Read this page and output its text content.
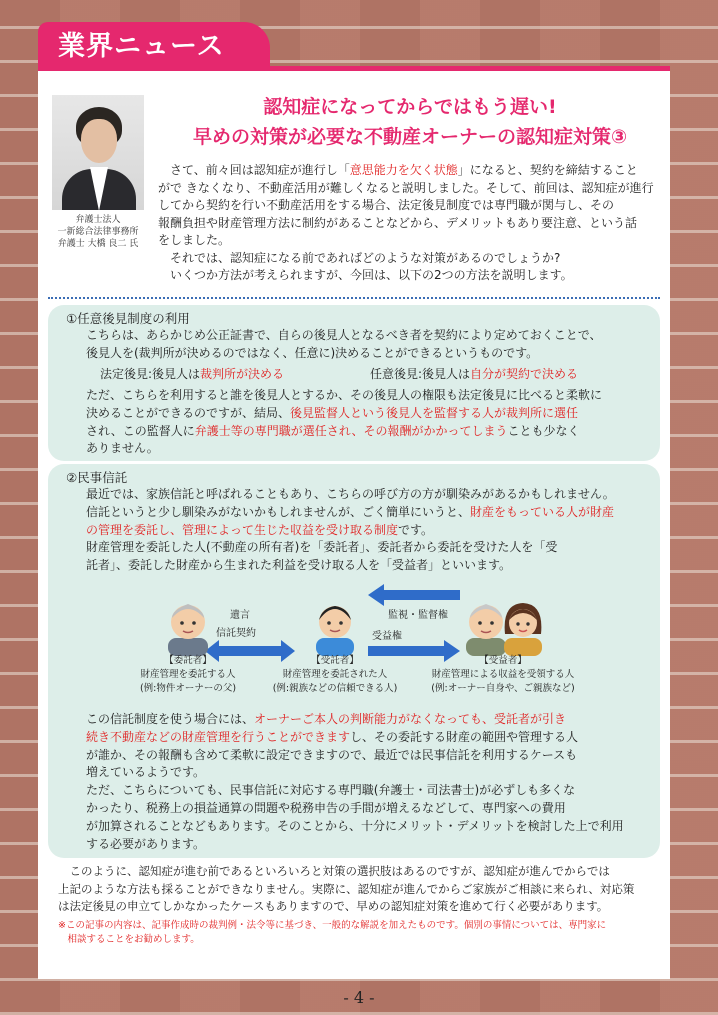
業界ニュース
弁護士法人
一新総合法律事務所
弁護士 大橋 良二 氏
認知症になってからではもう遅い!
早めの対策が必要な不動産オーナーの認知症対策③
　さて、前々回は認知症が進行し「意思能力を欠く状態」になると、契約を締結すること
がで きなくなり、不動産活用が難しくなると説明しました。そして、前回は、認知症が進行
してから契約を行い不動産活用をする場合、法定後見制度では専門職が関与し、その
報酬負担や財産管理方法に制約があることなどから、デメリットもあり要注意、という話
をしました。
　それでは、認知症になる前であればどのような対策があるのでしょうか?
　いくつか方法が考えられますが、今回は、以下の2つの方法を説明します。
①任意後見制度の利用
こちらは、あらかじめ公正証書で、自らの後見人となるべき者を契約により定めておくことで、
後見人を(裁判所が決めるのではなく、任意に)決めることができるというものです。
法定後見:後見人は裁判所が決める	任意後見:後見人は自分が契約で決める
ただ、こちらを利用すると誰を後見人とするか、その後見人の権限も法定後見に比べると柔軟に
決めることができるのですが、結局、後見監督人という後見人を監督する人が裁判所に選任
され、この監督人に弁護士等の専門職が選任され、その報酬がかかってしまうことも少なく
ありません。
②民事信託
最近では、家族信託と呼ばれることもあり、こちらの呼び方の方が馴染みがあるかもしれません。
信託というと少し馴染みがないかもしれませんが、ごく簡単にいうと、財産をもっている人が財産
の管理を委託し、管理によって生じた収益を受け取る制度です。
財産管理を委託した人(不動産の所有者)を「委託者」、委託者から委託を受けた人を「受
託者」、委託した財産から生まれた利益を受け取る人を「受益者」といいます。
遺言
信託契約
監視・監督権
受益権
【委託者】
財産管理を委託する人
(例:物件オーナーの父)
【受託者】
財産管理を委託された人
(例:親族などの信頼できる人)
【受益者】
財産管理による収益を受領する人
(例:オーナー自身や、ご親族など)
この信託制度を使う場合には、オーナーご本人の判断能力がなくなっても、受託者が引き
続き不動産などの財産管理を行うことができますし、その委託する財産の範囲や管理する人
が誰か、その報酬も含めて柔軟に設定できますので、最近では民事信託を利用するケースも
増えているようです。
ただ、こちらについても、民事信託に対応する専門職(弁護士・司法書士)が必ずしも多くな
かったり、税務上の損益通算の問題や税務申告の手間が増えるなどして、専門家への費用
が加算されることなどもあります。そのことから、十分にメリット・デメリットを検討した上で利用
する必要があります。
　このように、認知症が進む前であるといろいろと対策の選択肢はあるのですが、認知症が進んでからでは
上記のような方法も採ることができなりません。実際に、認知症が進んでからご家族がご相談に来られ、対応策
は法定後見の申立てしかなかったケースもありますので、早めの認知症対策を進めて行く必要があります。
※この記事の内容は、記事作成時の裁判例・法令等に基づき、一般的な解説を加えたものです。個別の事情については、専門家に
　相談することをお勧めします。
- 4 -
